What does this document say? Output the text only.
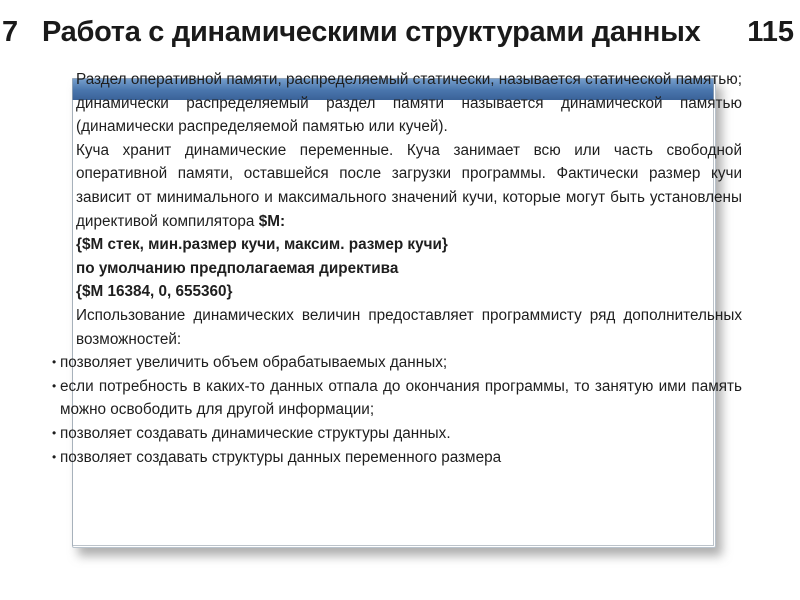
7 Работа с динамическими структурами данных 115

Раздел оперативной памяти, распределяемый статически, называется статической памятью; динамически распределяемый раздел памяти называется динамической памятью (динамически распределяемой памятью или кучей).

Куча хранит динамические переменные. Куча занимает всю или часть свободной оперативной памяти, оставшейся после загрузки программы. Фактически размер кучи зависит от минимального и максимального значений кучи, которые могут быть установлены директивой компилятора $M:

{$M стек, мин.размер кучи, максим. размер кучи}

по умолчанию предполагаемая директива

{$M 16384, 0, 655360}

Использование динамических величин предоставляет программисту ряд дополнительных возможностей:

• позволяет увеличить объем обрабатываемых данных;
• если потребность в каких-то данных отпала до окончания программы, то занятую ими память можно освободить для другой информации;
• позволяет создавать динамические структуры данных.
• позволяет создавать структуры данных переменного размера
